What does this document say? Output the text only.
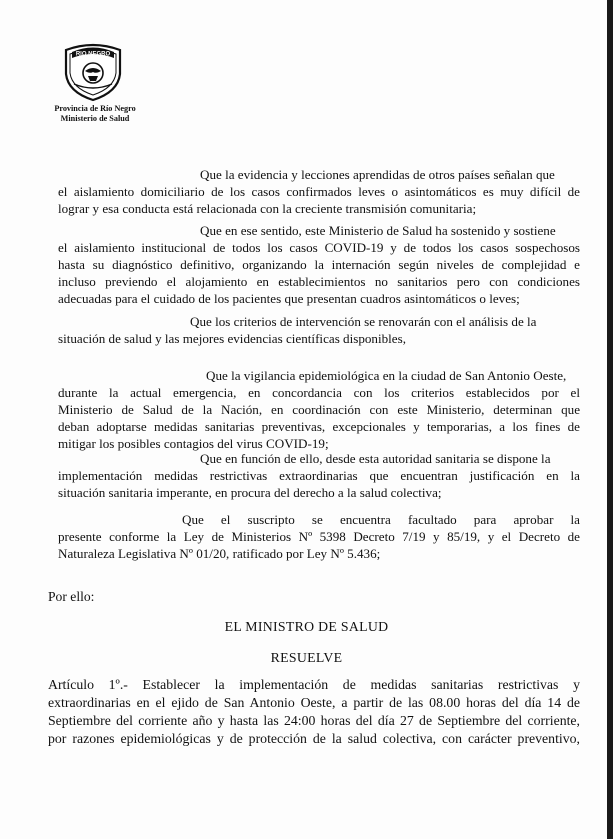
RIO NEGRO
Provincia de Río Negro
Ministerio de Salud
Que la evidencia y lecciones aprendidas de otros países señalan que
el aislamiento domiciliario de los casos confirmados leves o asintomáticos es muy difícil de
lograr y esa conducta está relacionada con la creciente transmisión comunitaria;
Que en ese sentido, este Ministerio de Salud ha sostenido y sostiene
el aislamiento institucional de todos los casos COVID-19 y de todos los casos sospechosos
hasta su diagnóstico definitivo, organizando la internación según niveles de complejidad e
incluso previendo el alojamiento en establecimientos no sanitarios pero con condiciones
adecuadas para el cuidado de los pacientes que presentan cuadros asintomáticos o leves;
Que los criterios de intervención se renovarán con el análisis de la
situación de salud y las mejores evidencias científicas disponibles,
Que la vigilancia epidemiológica en la ciudad de San Antonio Oeste,
durante la actual emergencia, en concordancia con los criterios establecidos por el
Ministerio de Salud de la Nación, en coordinación con este Ministerio, determinan que
deban adoptarse medidas sanitarias preventivas, excepcionales y temporarias, a los fines de
mitigar los posibles contagios del virus COVID-19;
Que en función de ello, desde esta autoridad sanitaria se dispone la
implementación medidas restrictivas extraordinarias que encuentran justificación en la
situación sanitaria imperante, en procura del derecho a la salud colectiva;
Que el suscripto se encuentra facultado para aprobar la
presente conforme la Ley de Ministerios Nº 5398 Decreto 7/19 y 85/19, y el Decreto de
Naturaleza Legislativa Nº 01/20, ratificado por Ley Nº 5.436;
Por ello:
EL MINISTRO DE SALUD
RESUELVE
Artículo 1º.- Establecer la implementación de medidas sanitarias restrictivas y
extraordinarias en el ejido de San Antonio Oeste, a partir de las 08.00 horas del día 14 de
Septiembre del corriente año y hasta las 24:00 horas del día 27 de Septiembre del corriente,
por razones epidemiológicas y de protección de la salud colectiva, con carácter preventivo,
